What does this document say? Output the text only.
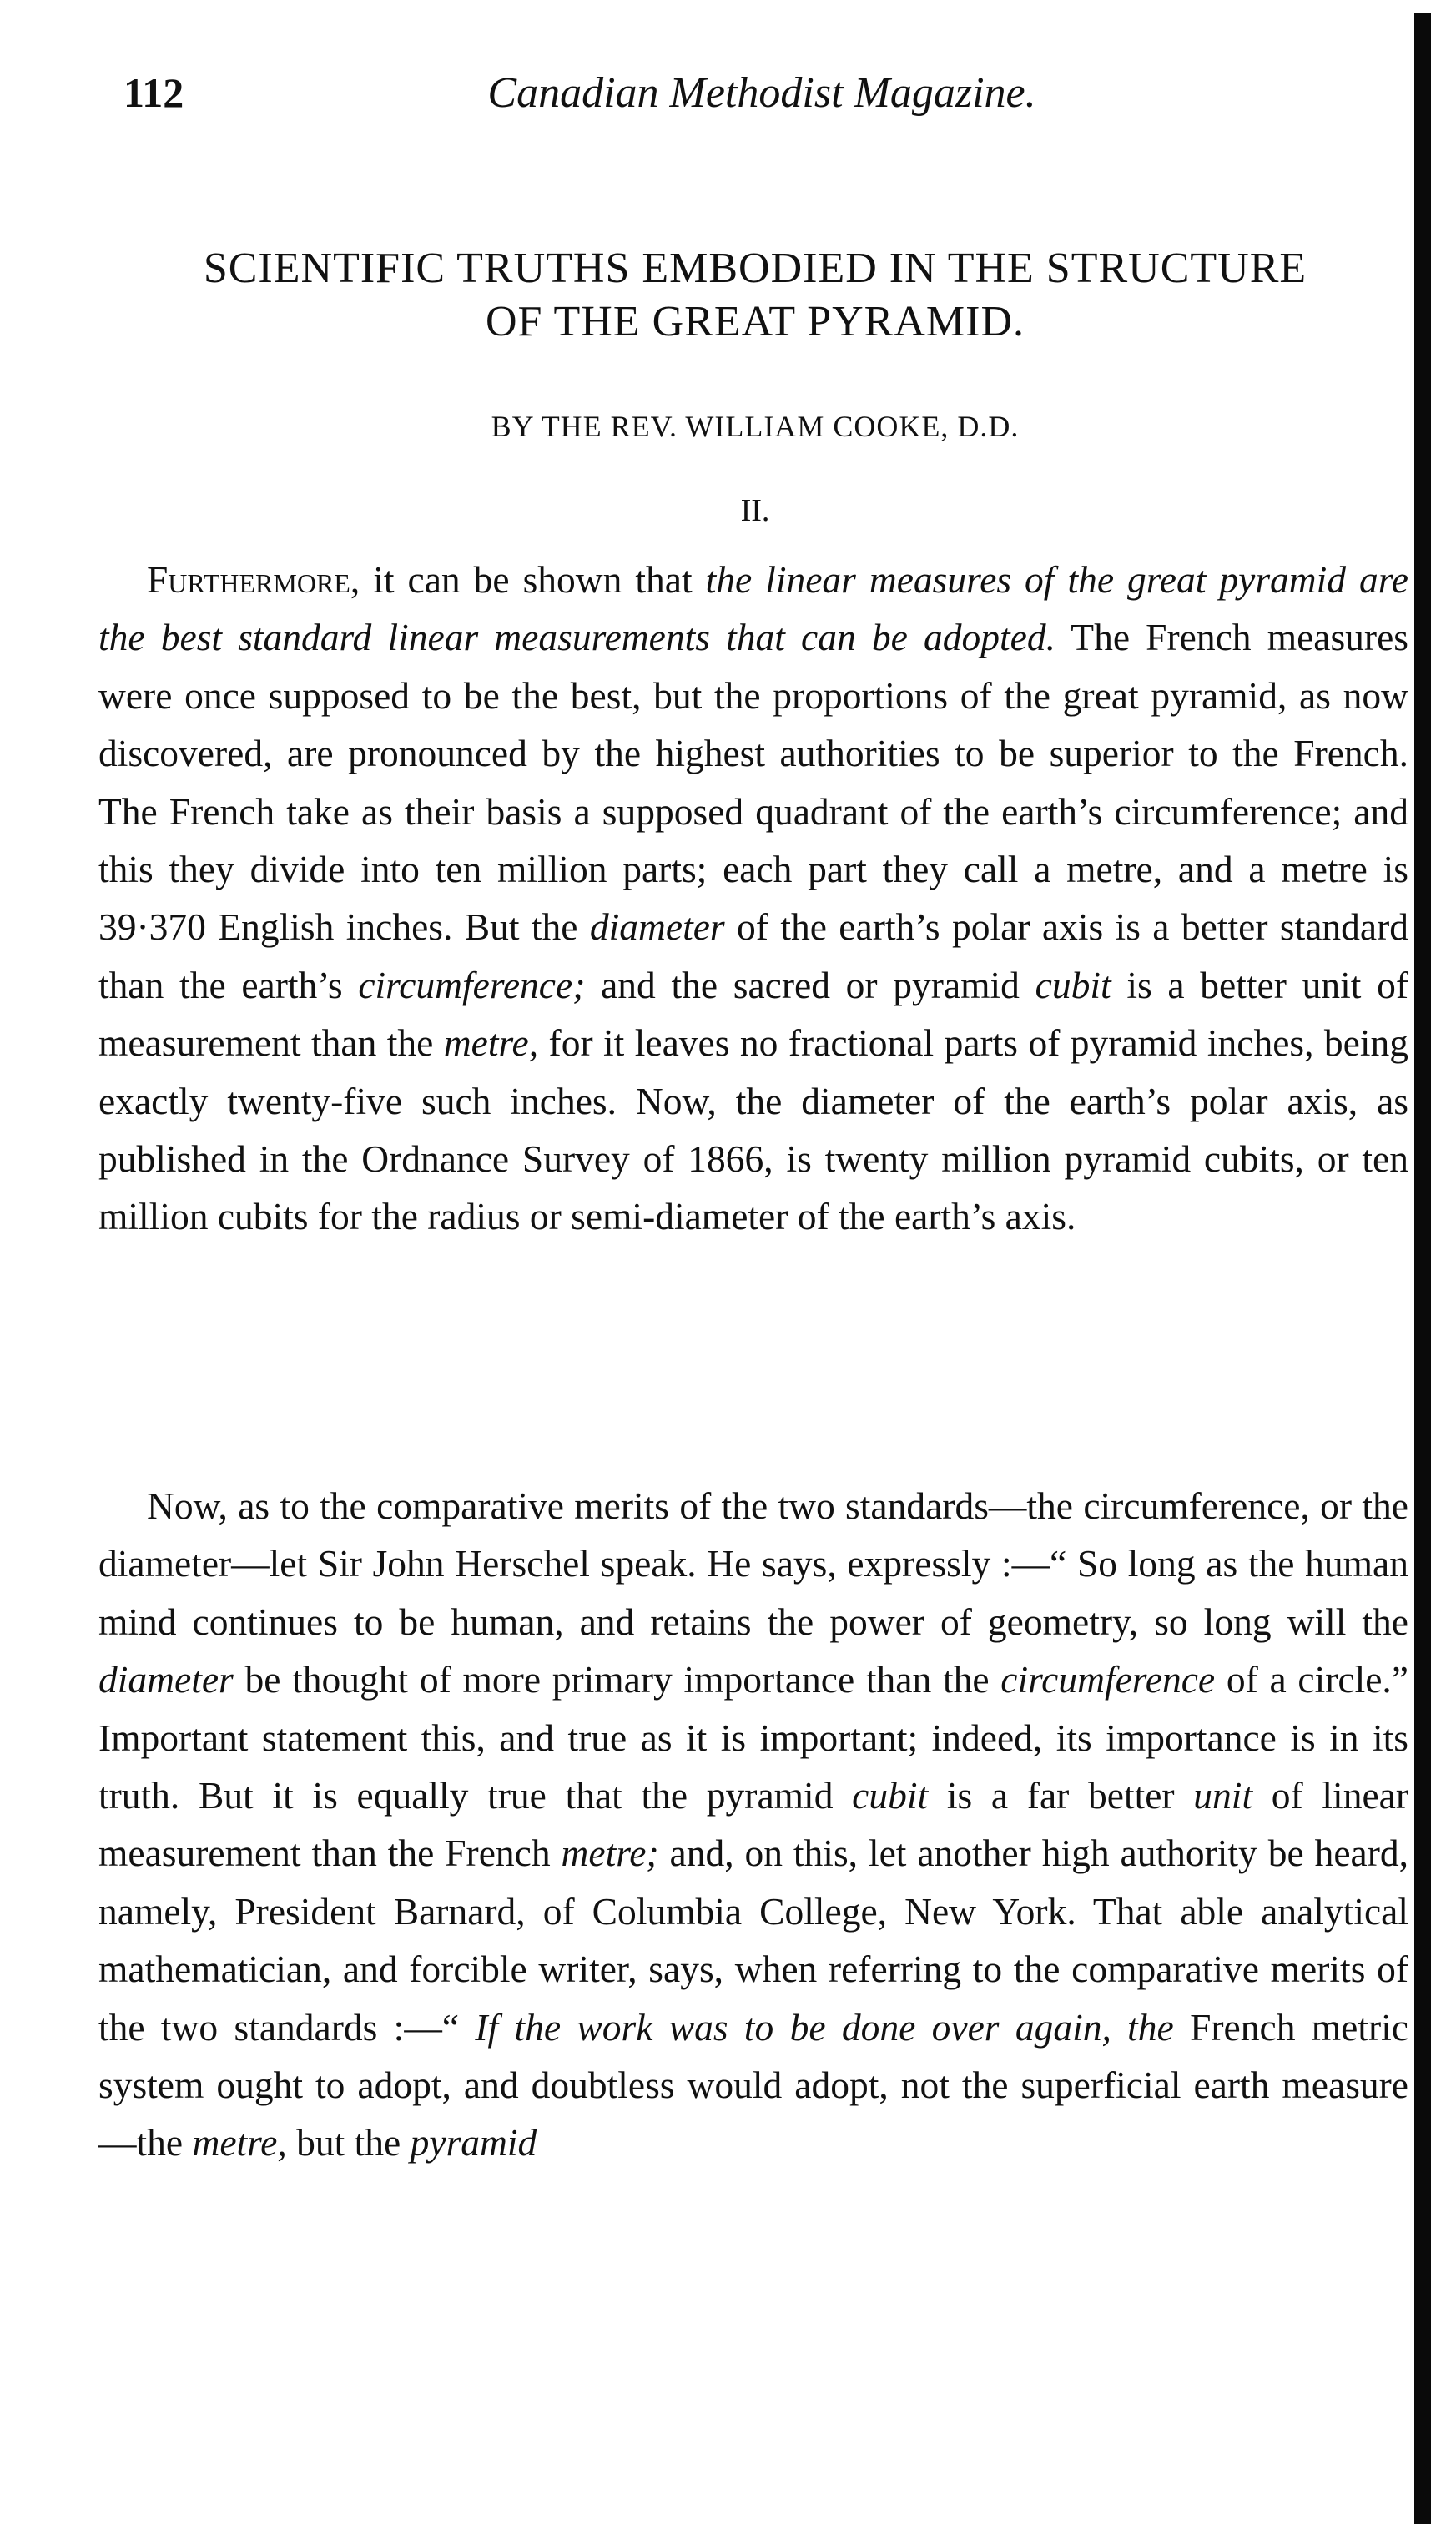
112	Canadian Methodist Magazine.
SCIENTIFIC TRUTHS EMBODIED IN THE STRUCTURE
OF THE GREAT PYRAMID.
BY THE REV. WILLIAM COOKE, D.D.
II.

Furthermore, it can be shown that the linear measures of the great pyramid are the best standard linear measurements that can be adopted. The French measures were once supposed to be the best, but the proportions of the great pyramid, as now discovered, are pronounced by the highest authorities to be superior to the French. The French take as their basis a supposed quadrant of the earth’s circumference; and this they divide into ten million parts; each part they call a metre, and a metre is 39·370 English inches. But the diameter of the earth’s polar axis is a better standard than the earth’s circumference; and the sacred or pyramid cubit is a better unit of measurement than the metre, for it leaves no fractional parts of pyramid inches, being exactly twenty-five such inches. Now, the diameter of the earth’s polar axis, as published in the Ordnance Survey of 1866, is twenty million pyramid cubits, or ten million cubits for the radius or semi-diameter of the earth’s axis.

Now, as to the comparative merits of the two standards—the circumference, or the diameter—let Sir John Herschel speak. He says, expressly :—“ So long as the human mind continues to be human, and retains the power of geometry, so long will the diameter be thought of more primary importance than the circumference of a circle.” Important statement this, and true as it is important; indeed, its importance is in its truth. But it is equally true that the pyramid cubit is a far better unit of linear measurement than the French metre; and, on this, let another high authority be heard, namely, President Barnard, of Columbia College, New York. That able analytical mathematician, and forcible writer, says, when referring to the comparative merits of the two standards :—“ If the work was to be done over again, the French metric system ought to adopt, and doubtless would adopt, not the superficial earth measure—the metre, but the pyramid
